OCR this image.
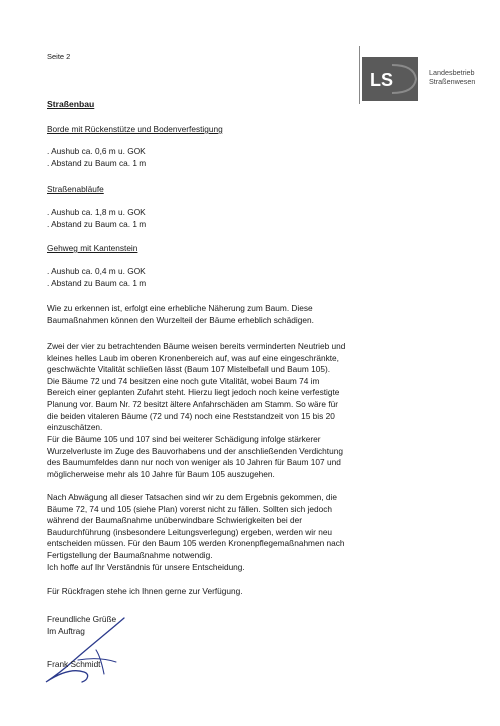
Seite 2
LS	Landesbetrieb
Straßenwesen
Straßenbau
Borde mit Rückenstütze und Bodenverfestigung
. Aushub ca. 0,6 m u. GOK
. Abstand zu Baum ca. 1 m
Straßenabläufe
. Aushub ca. 1,8 m u. GOK
. Abstand zu Baum ca. 1 m
Gehweg mit Kantenstein
. Aushub ca. 0,4 m u. GOK
. Abstand zu Baum ca. 1 m
Wie zu erkennen ist, erfolgt eine erhebliche Näherung zum Baum. Diese
Baumaßnahmen können den Wurzelteil der Bäume erheblich schädigen.
Zwei der vier zu betrachtenden Bäume weisen bereits verminderten Neutrieb und
kleines helles Laub im oberen Kronenbereich auf, was auf eine eingeschränkte,
geschwächte Vitalität schließen lässt (Baum 107 Mistelbefall und Baum 105).
Die Bäume 72 und 74 besitzen eine noch gute Vitalität, wobei Baum 74 im
Bereich einer geplanten Zufahrt steht. Hierzu liegt jedoch noch keine verfestigte
Planung vor. Baum Nr. 72 besitzt ältere Anfahrschäden am Stamm. So wäre für
die beiden vitaleren Bäume (72 und 74) noch eine Reststandzeit von 15 bis 20
einzuschätzen.
Für die Bäume 105 und 107 sind bei weiterer Schädigung infolge stärkerer
Wurzelverluste im Zuge des Bauvorhabens und der anschließenden Verdichtung
des Baumumfeldes dann nur noch von weniger als 10 Jahren für Baum 107 und
möglicherweise mehr als 10 Jahre für Baum 105 auszugehen.
Nach Abwägung all dieser Tatsachen sind wir zu dem Ergebnis gekommen, die
Bäume 72, 74 und 105 (siehe Plan) vorerst nicht zu fällen. Sollten sich jedoch
während der Baumaßnahme unüberwindbare Schwierigkeiten bei der
Baudurchführung (insbesondere Leitungsverlegung) ergeben, werden wir neu
entscheiden müssen. Für den Baum 105 werden Kronenpflegemaßnahmen nach
Fertigstellung der Baumaßnahme notwendig.
Ich hoffe auf Ihr Verständnis für unsere Entscheidung.
Für Rückfragen stehe ich Ihnen gerne zur Verfügung.
Freundliche Grüße
Im Auftrag
Frank Schmidt
